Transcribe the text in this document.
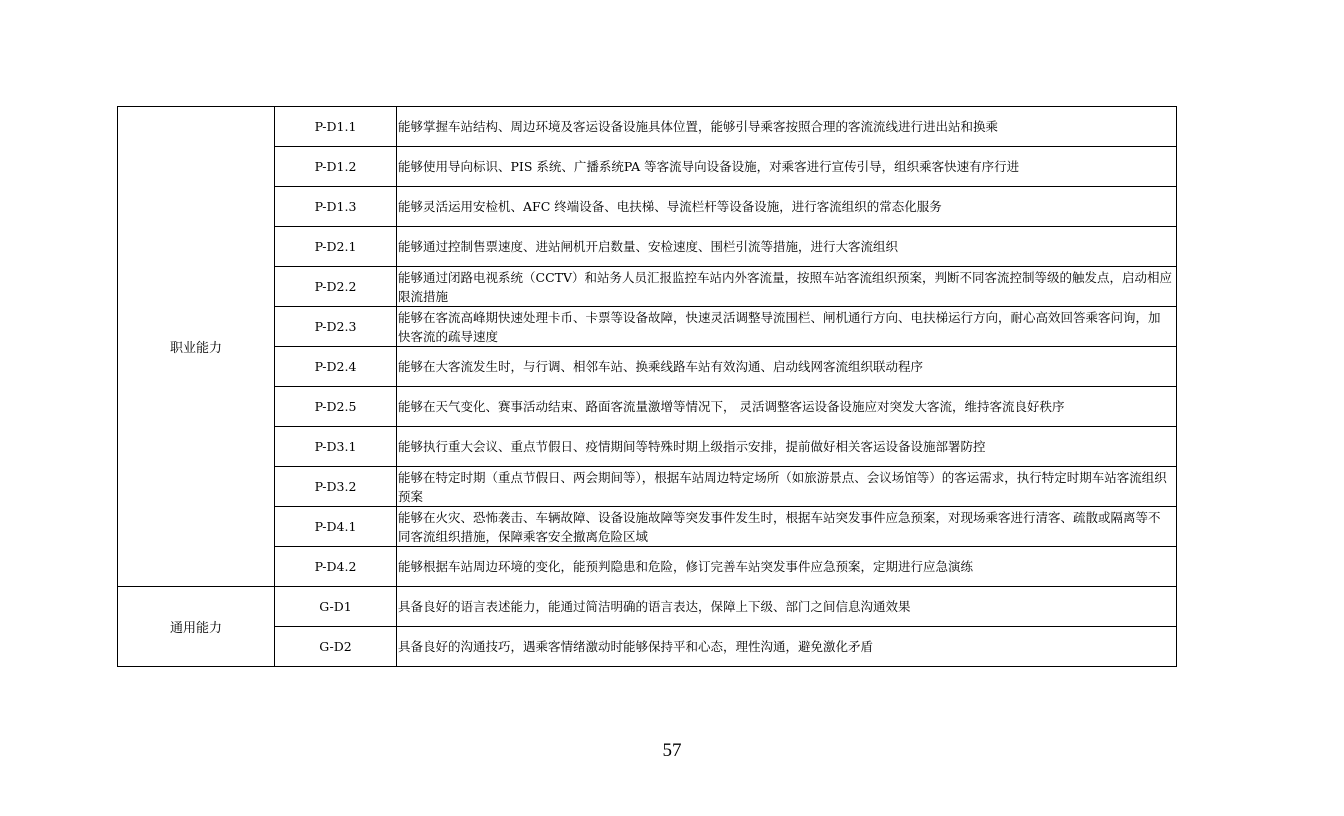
职业能力	P-D1.1	能够掌握车站结构、周边环境及客运设备设施具体位置，能够引导乘客按照合理的客流流线进行进出站和换乘
	P-D1.2	能够使用导向标识、PIS 系统、广播系统PA 等客流导向设备设施，对乘客进行宣传引导，组织乘客快速有序行进
	P-D1.3	能够灵活运用安检机、AFC 终端设备、电扶梯、导流栏杆等设备设施，进行客流组织的常态化服务
	P-D2.1	能够通过控制售票速度、进站闸机开启数量、安检速度、围栏引流等措施，进行大客流组织
	P-D2.2	能够通过闭路电视系统（CCTV）和站务人员汇报监控车站内外客流量，按照车站客流组织预案，判断不同客流控制等级的触发点，启动相应限流措施
	P-D2.3	能够在客流高峰期快速处理卡币、卡票等设备故障，快速灵活调整导流围栏、闸机通行方向、电扶梯运行方向，耐心高效回答乘客问询，加快客流的疏导速度
	P-D2.4	能够在大客流发生时，与行调、相邻车站、换乘线路车站有效沟通、启动线网客流组织联动程序
	P-D2.5	能够在天气变化、赛事活动结束、路面客流量激增等情况下， 灵活调整客运设备设施应对突发大客流，维持客流良好秩序
	P-D3.1	能够执行重大会议、重点节假日、疫情期间等特殊时期上级指示安排，提前做好相关客运设备设施部署防控
	P-D3.2	能够在特定时期（重点节假日、两会期间等），根据车站周边特定场所（如旅游景点、会议场馆等）的客运需求，执行特定时期车站客流组织预案
	P-D4.1	能够在火灾、恐怖袭击、车辆故障、设备设施故障等突发事件发生时，根据车站突发事件应急预案，对现场乘客进行清客、疏散或隔离等不同客流组织措施，保障乘客安全撤离危险区域
	P-D4.2	能够根据车站周边环境的变化，能预判隐患和危险，修订完善车站突发事件应急预案，定期进行应急演练
通用能力	G-D1	具备良好的语言表述能力，能通过简洁明确的语言表达，保障上下级、部门之间信息沟通效果
	G-D2	具备良好的沟通技巧，遇乘客情绪激动时能够保持平和心态，理性沟通，避免激化矛盾
57
